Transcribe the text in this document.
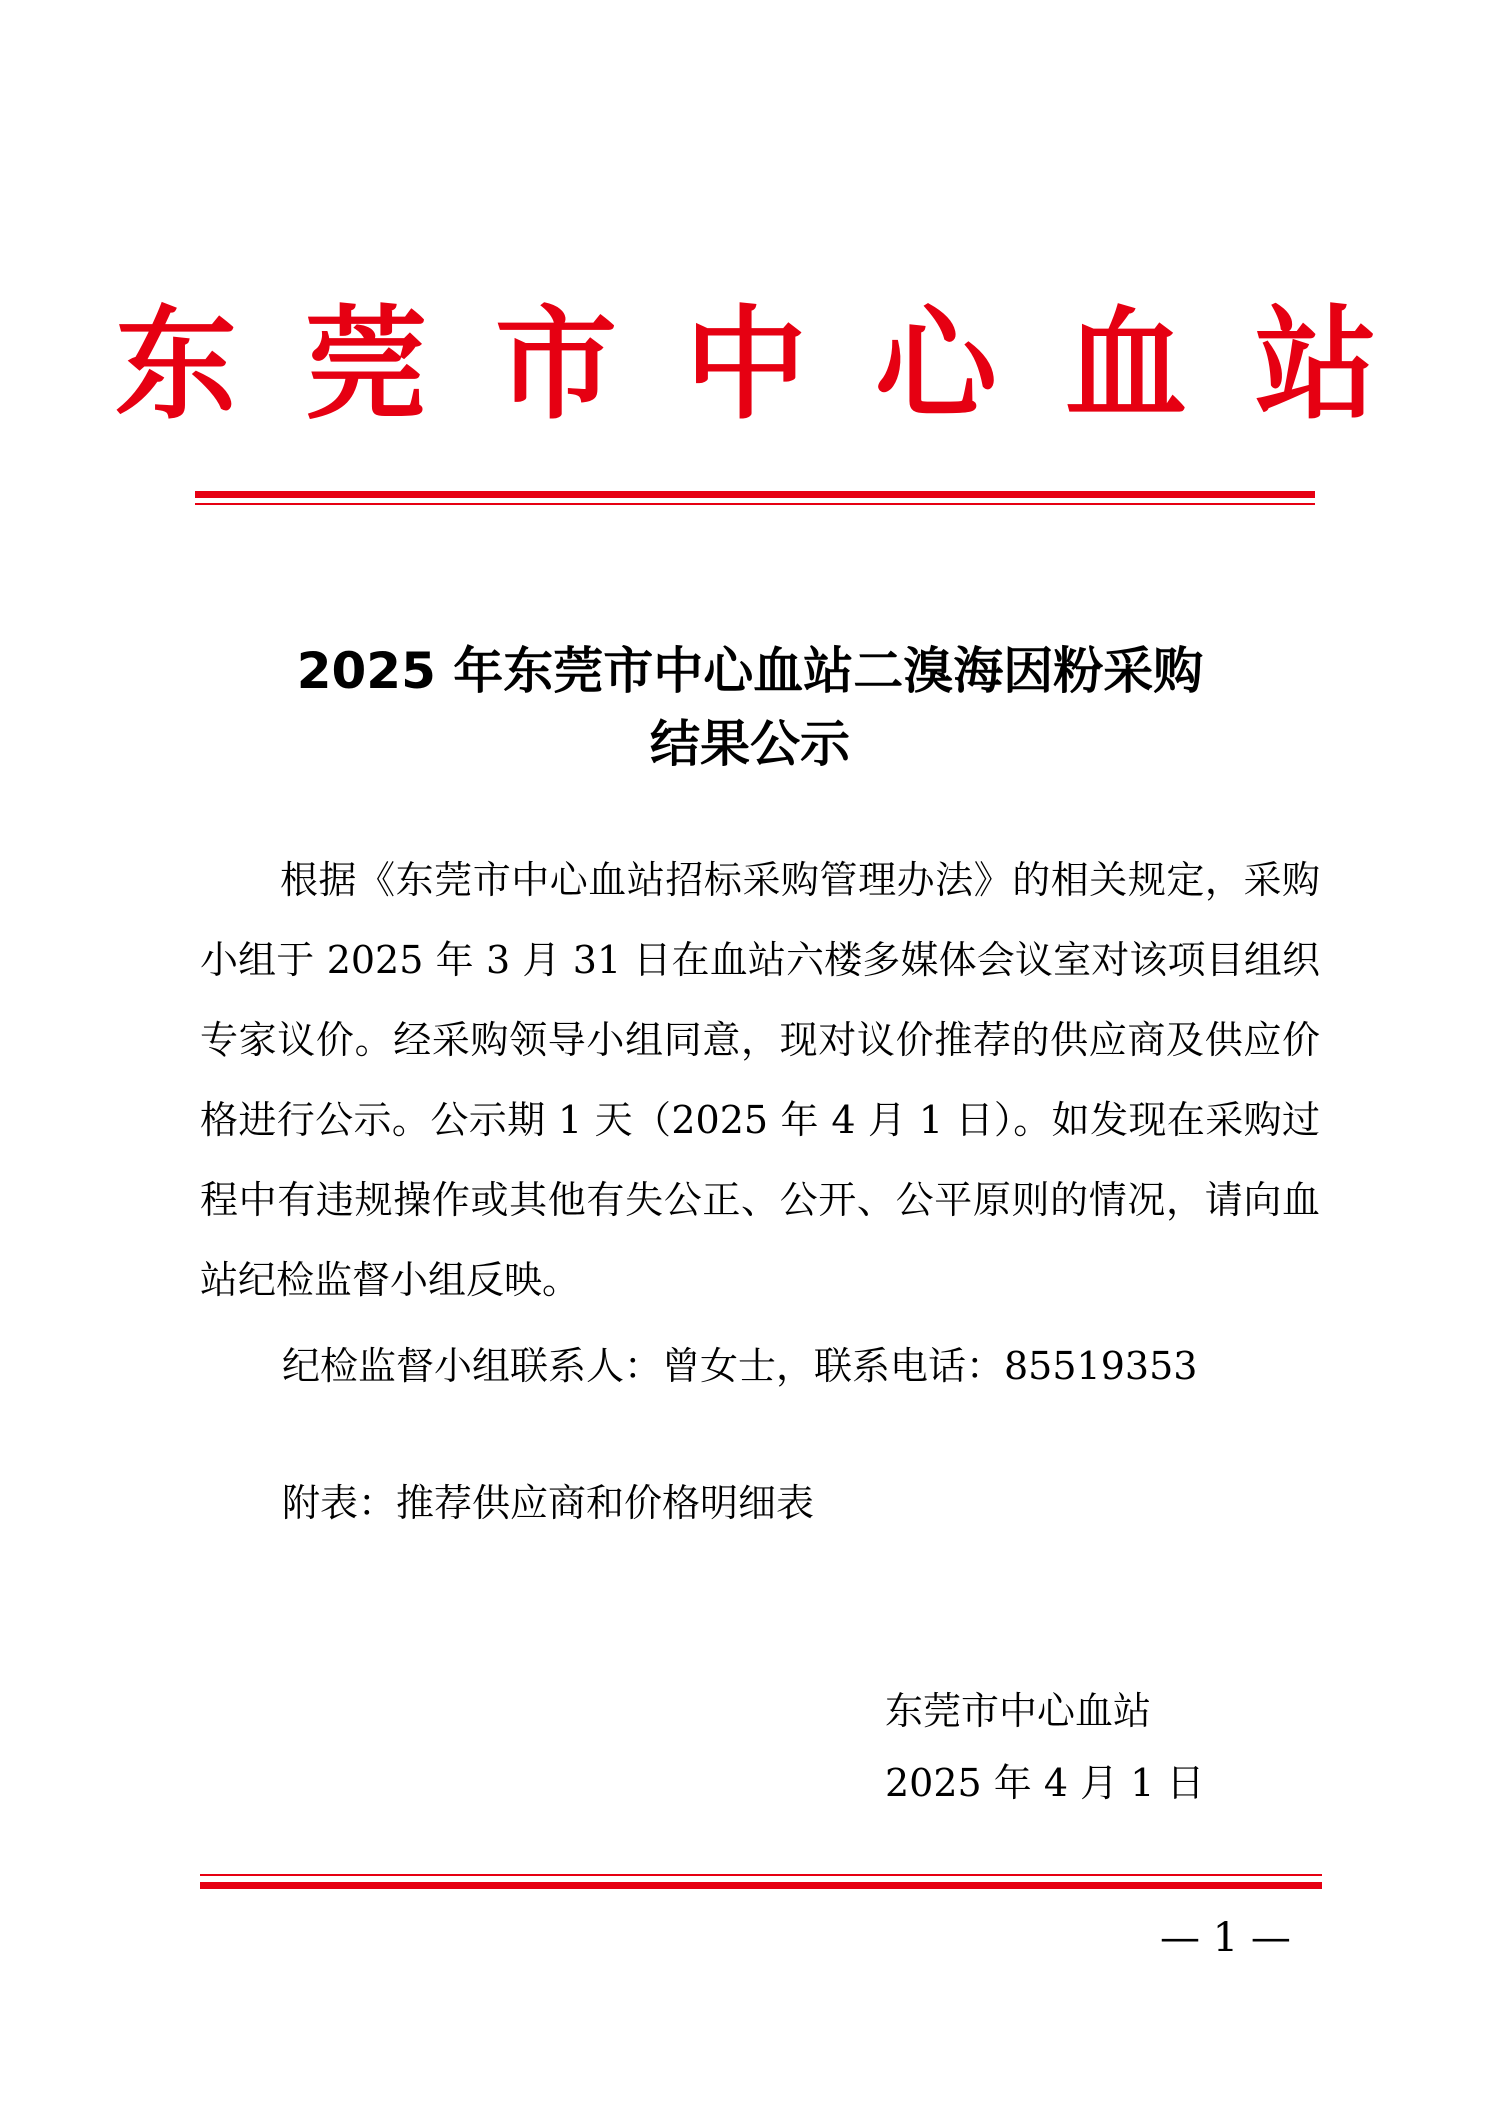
东莞市中心血站
2025 年东莞市中心血站二溴海因粉采购
结果公示
根据《东莞市中心血站招标采购管理办法》的相关规定，采购小组于 2025 年 3 月 31 日在血站六楼多媒体会议室对该项目组织专家议价。经采购领导小组同意，现对议价推荐的供应商及供应价格进行公示。公示期 1 天（2025 年 4 月 1 日）。如发现在采购过程中有违规操作或其他有失公正、公开、公平原则的情况，请向血站纪检监督小组反映。
纪检监督小组联系人：曾女士，联系电话：85519353
附表：推荐供应商和价格明细表
东莞市中心血站
2025 年 4 月 1 日
— 1 —
